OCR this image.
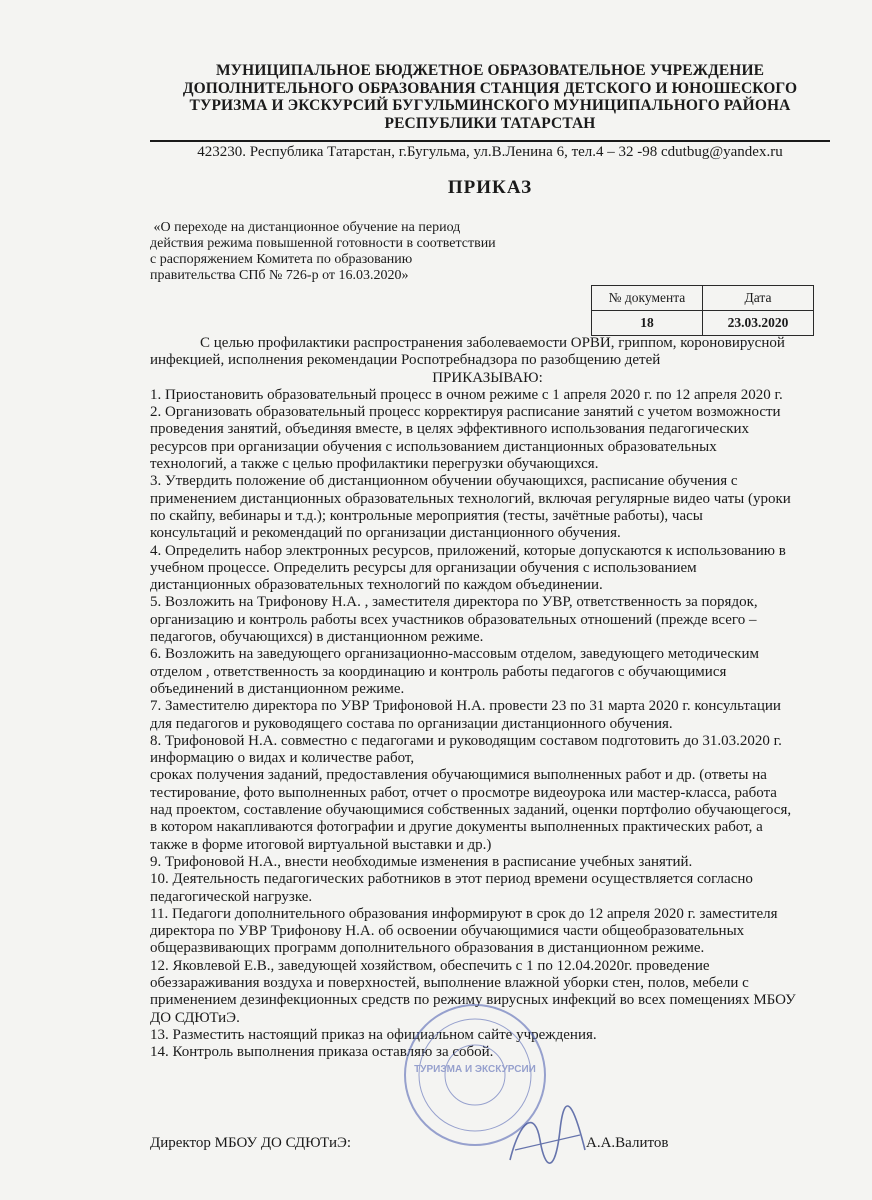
МУНИЦИПАЛЬНОЕ БЮДЖЕТНОЕ ОБРАЗОВАТЕЛЬНОЕ УЧРЕЖДЕНИЕ
ДОПОЛНИТЕЛЬНОГО ОБРАЗОВАНИЯ СТАНЦИЯ ДЕТСКОГО И ЮНОШЕСКОГО
ТУРИЗМА И ЭКСКУРСИЙ БУГУЛЬМИНСКОГО МУНИЦИПАЛЬНОГО РАЙОНА
РЕСПУБЛИКИ ТАТАРСТАН
423230. Республика Татарстан, г.Бугульма, ул.В.Ленина 6, тел.4 – 32 -98 cdutbug@yandex.ru
ПРИКАЗ
«О переходе на дистанционное обучение на период
действия режима повышенной готовности в соответствии
с распоряжением Комитета по образованию
правительства СПб № 726-р от 16.03.2020»
№ документа	Дата
18	23.03.2020
С целью профилактики распространения заболеваемости ОРВИ, гриппом, короновирусной
инфекцией, исполнения рекомендации Роспотребнадзора по разобщению детей
ПРИКАЗЫВАЮ:
1. Приостановить образовательный процесс в очном режиме с 1 апреля 2020 г. по 12 апреля 2020 г.
2. Организовать образовательный процесс корректируя расписание занятий с учетом возможности
проведения занятий, объединяя вместе, в целях эффективного использования педагогических
ресурсов при организации обучения с использованием дистанционных образовательных
технологий, а также с целью профилактики перегрузки обучающихся.
3. Утвердить положение об дистанционном обучении обучающихся, расписание обучения с
применением дистанционных образовательных технологий, включая регулярные видео чаты (уроки
по скайпу, вебинары и т.д.); контрольные мероприятия (тесты, зачётные работы), часы
консультаций и рекомендаций по организации дистанционного обучения.
4. Определить набор электронных ресурсов, приложений, которые допускаются к использованию в
учебном процессе. Определить ресурсы для организации обучения с использованием
дистанционных образовательных технологий по каждом объединении.
5. Возложить на Трифонову Н.А. , заместителя директора по УВР, ответственность за порядок,
организацию и контроль работы всех участников образовательных отношений (прежде всего –
педагогов, обучающихся) в дистанционном режиме.
6. Возложить на заведующего организационно-массовым отделом, заведующего методическим
отделом , ответственность за координацию и контроль работы педагогов с обучающимися
объединений в дистанционном режиме.
7. Заместителю директора по УВР Трифоновой Н.А. провести 23 по 31 марта 2020 г. консультации
для педагогов и руководящего состава по организации дистанционного обучения.
8. Трифоновой Н.А. совместно с педагогами и руководящим составом подготовить до 31.03.2020 г.
информацию о видах и количестве работ,
сроках получения заданий, предоставления обучающимися выполненных работ и др. (ответы на
тестирование, фото выполненных работ, отчет о просмотре видеоурока или мастер-класса, работа
над проектом, составление обучающимися собственных заданий, оценки портфолио обучающегося,
в котором накапливаются фотографии и другие документы выполненных практических работ, а
также в форме итоговой виртуальной выставки и др.)
9. Трифоновой Н.А., внести необходимые изменения в расписание учебных занятий.
10. Деятельность педагогических работников в этот период времени осуществляется согласно
педагогической нагрузке.
11. Педагоги дополнительного образования информируют в срок до 12 апреля 2020 г. заместителя
директора по УВР Трифонову Н.А. об освоении обучающимися части общеобразовательных
общеразвивающих программ дополнительного образования в дистанционном режиме.
12. Яковлевой Е.В., заведующей хозяйством, обеспечить с 1 по 12.04.2020г. проведение
обеззараживания воздуха и поверхностей, выполнение влажной уборки стен, полов, мебели с
применением дезинфекционных средств по режиму вирусных инфекций во всех помещениях МБОУ
ДО СДЮТиЭ.
13. Разместить настоящий приказ на официальном сайте учреждения.
14. Контроль выполнения приказа оставляю за собой.
ТУРИЗМА И ЭКСКУРСИИ
Директор МБОУ ДО СДЮТиЭ:	А.А.Валитов
